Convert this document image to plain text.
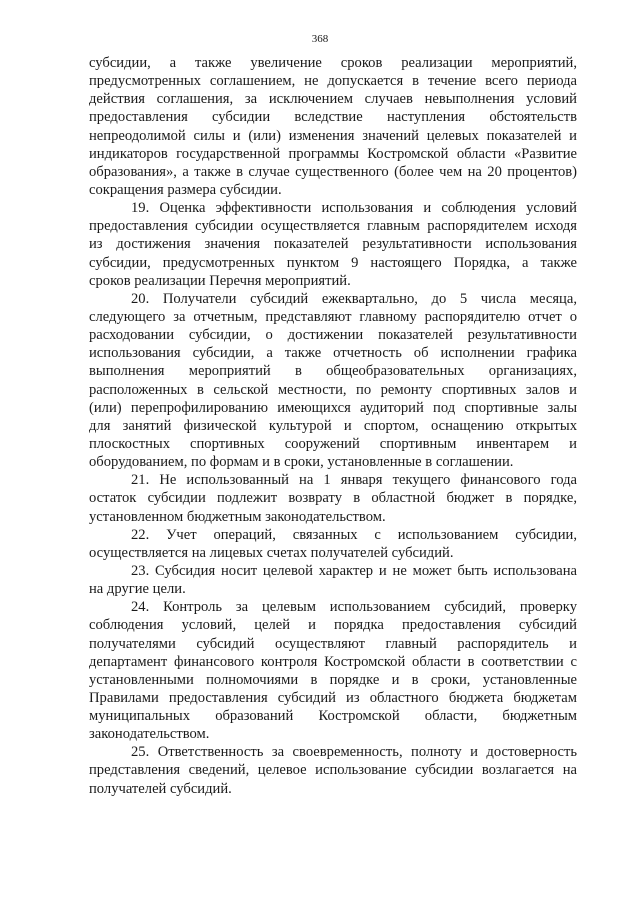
368
субсидии, а также увеличение сроков реализации мероприятий,
предусмотренных соглашением, не допускается в течение всего периода
действия соглашения, за исключением случаев невыполнения условий
предоставления субсидии вследствие наступления обстоятельств
непреодолимой силы и (или) изменения значений целевых показателей и
индикаторов государственной программы Костромской области «Развитие
образования», а также в случае существенного (более чем на 20 процентов)
сокращения размера субсидии.
19. Оценка эффективности использования и соблюдения условий
предоставления субсидии осуществляется главным распорядителем исходя
из достижения значения показателей результативности использования
субсидии, предусмотренных пунктом 9 настоящего Порядка, а также
сроков реализации Перечня мероприятий.
20. Получатели субсидий ежеквартально, до 5 числа месяца,
следующего за отчетным, представляют главному распорядителю отчет о
расходовании субсидии, о достижении показателей результативности
использования субсидии, а также отчетность об исполнении графика
выполнения мероприятий в общеобразовательных организациях,
расположенных в сельской местности, по ремонту спортивных залов и
(или) перепрофилированию имеющихся аудиторий под спортивные залы
для занятий физической культурой и спортом, оснащению открытых
плоскостных спортивных сооружений спортивным инвентарем и
оборудованием, по формам и в сроки, установленные в соглашении.
21. Не использованный на 1 января текущего финансового года
остаток субсидии подлежит возврату в областной бюджет в порядке,
установленном бюджетным законодательством.
22. Учет операций, связанных с использованием субсидии,
осуществляется на лицевых счетах получателей субсидий.
23. Субсидия носит целевой характер и не может быть использована
на другие цели.
24. Контроль за целевым использованием субсидий, проверку
соблюдения условий, целей и порядка предоставления субсидий
получателями субсидий осуществляют главный распорядитель и
департамент финансового контроля Костромской области в соответствии с
установленными полномочиями в порядке и в сроки, установленные
Правилами предоставления субсидий из областного бюджета бюджетам
муниципальных образований Костромской области, бюджетным
законодательством.
25. Ответственность за своевременность, полноту и достоверность
представления сведений, целевое использование субсидии возлагается на
получателей субсидий.
